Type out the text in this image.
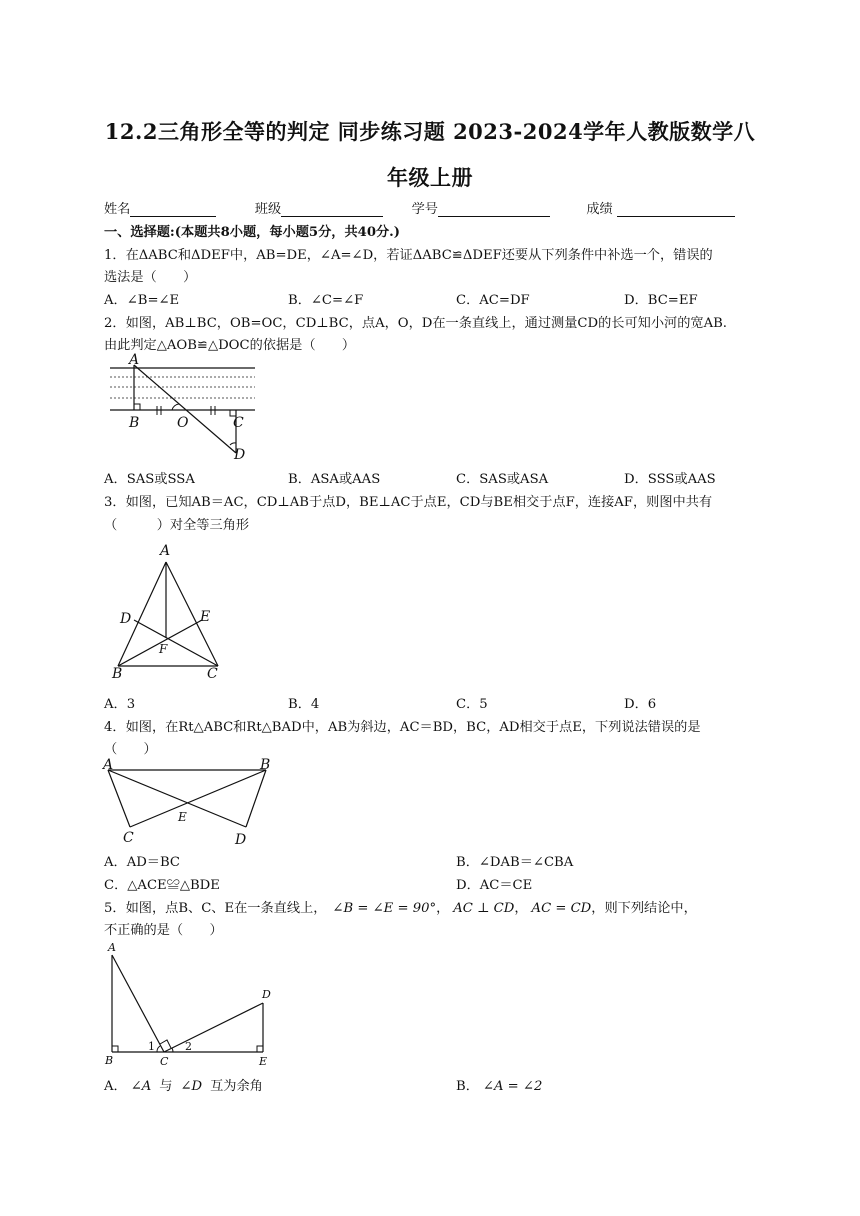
12.2三角形全等的判定 同步练习题 2023-2024学年人教版数学八
年级上册
姓名	班级	学号	成绩
一、选择题:(本题共8小题，每小题5分，共40分.)
1．在ΔABC和ΔDEF中，AB=DE，∠A=∠D，若证ΔABC≌ΔDEF还要从下列条件中补选一个，错误的
选法是（　　）
A．∠B=∠E	B．∠C=∠F	C．AC=DF	D．BC=EF
2．如图，AB⊥BC，OB=OC，CD⊥BC，点A，O，D在一条直线上，通过测量CD的长可知小河的宽AB.
由此判定△AOB≌△DOC的依据是（　　）
A
B	O	C
D
A．SAS或SSA	B．ASA或AAS	C．SAS或ASA	D．SSS或AAS
3．如图，已知AB＝AC，CD⊥AB于点D，BE⊥AC于点E，CD与BE相交于点F，连接AF，则图中共有
（　　　）对全等三角形
A
D	E
F
B	C
A．3	B．4	C．5	D．6
4．如图，在Rt△ABC和Rt△BAD中，AB为斜边，AC＝BD，BC，AD相交于点E，下列说法错误的是
（　　）
A	B
E
C	D
A．AD＝BC	B．∠DAB＝∠CBA
C．△ACE≌△BDE	D．AC＝CE
5．如图，点B、C、E在一条直线上， ∠B = ∠E = 90°， AC ⊥ CD， AC = CD，则下列结论中，
不正确的是（　　）
A
D
1	2
B	C	E
A． ∠A 与 ∠D 互为余角	B． ∠A = ∠2
